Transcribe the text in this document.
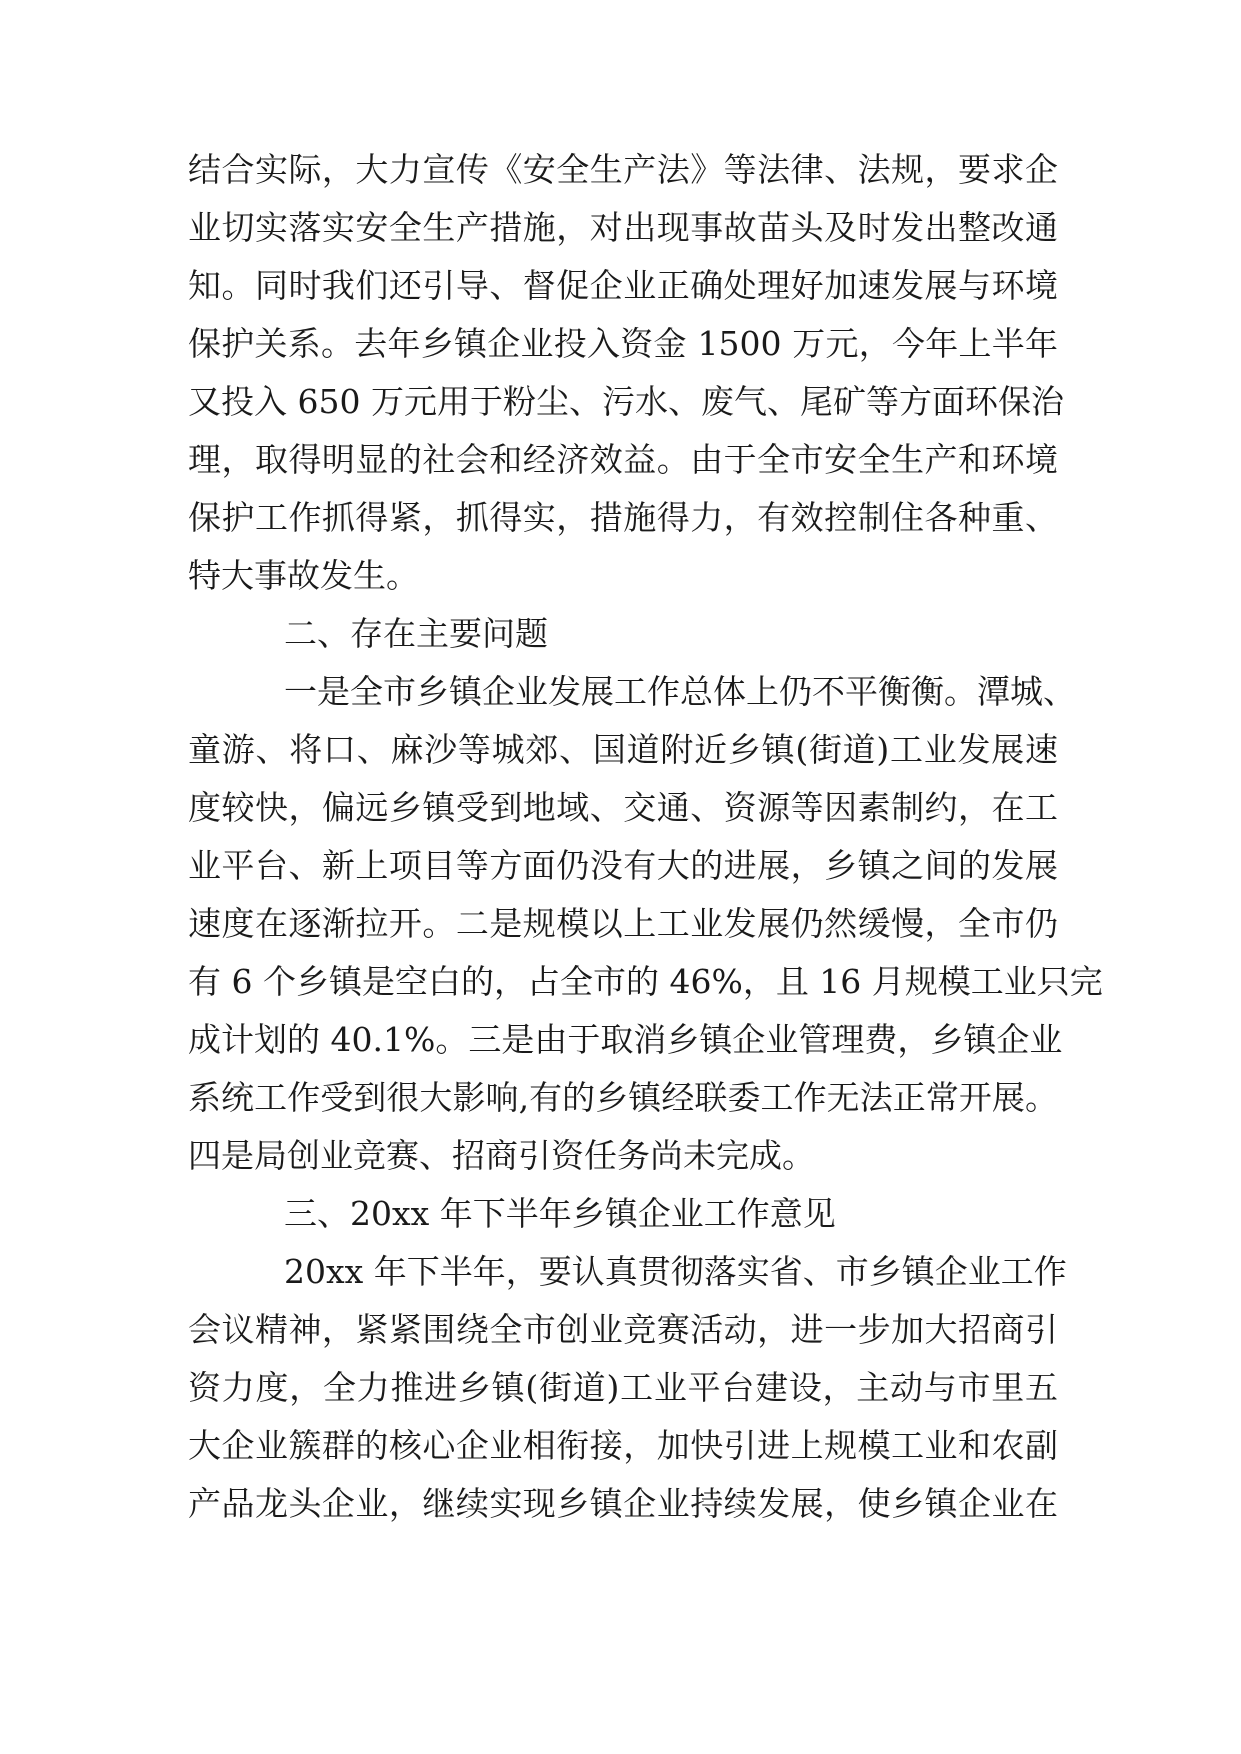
结合实际，大力宣传《安全生产法》等法律、法规，要求企
业切实落实安全生产措施，对出现事故苗头及时发出整改通
知。同时我们还引导、督促企业正确处理好加速发展与环境
保护关系。去年乡镇企业投入资金 1500 万元，今年上半年
又投入 650 万元用于粉尘、污水、废气、尾矿等方面环保治
理，取得明显的社会和经济效益。由于全市安全生产和环境
保护工作抓得紧，抓得实，措施得力，有效控制住各种重、
特大事故发生。
二、存在主要问题
一是全市乡镇企业发展工作总体上仍不平衡衡。潭城、
童游、将口、麻沙等城郊、国道附近乡镇(街道)工业发展速
度较快，偏远乡镇受到地域、交通、资源等因素制约，在工
业平台、新上项目等方面仍没有大的进展，乡镇之间的发展
速度在逐渐拉开。二是规模以上工业发展仍然缓慢，全市仍
有 6 个乡镇是空白的，占全市的 46%，且 16 月规模工业只完
成计划的 40.1%。三是由于取消乡镇企业管理费，乡镇企业
系统工作受到很大影响,有的乡镇经联委工作无法正常开展。
四是局创业竞赛、招商引资任务尚未完成。
三、20xx 年下半年乡镇企业工作意见
20xx 年下半年，要认真贯彻落实省、市乡镇企业工作
会议精神，紧紧围绕全市创业竞赛活动，进一步加大招商引
资力度，全力推进乡镇(街道)工业平台建设，主动与市里五
大企业簇群的核心企业相衔接，加快引进上规模工业和农副
产品龙头企业，继续实现乡镇企业持续发展，使乡镇企业在
